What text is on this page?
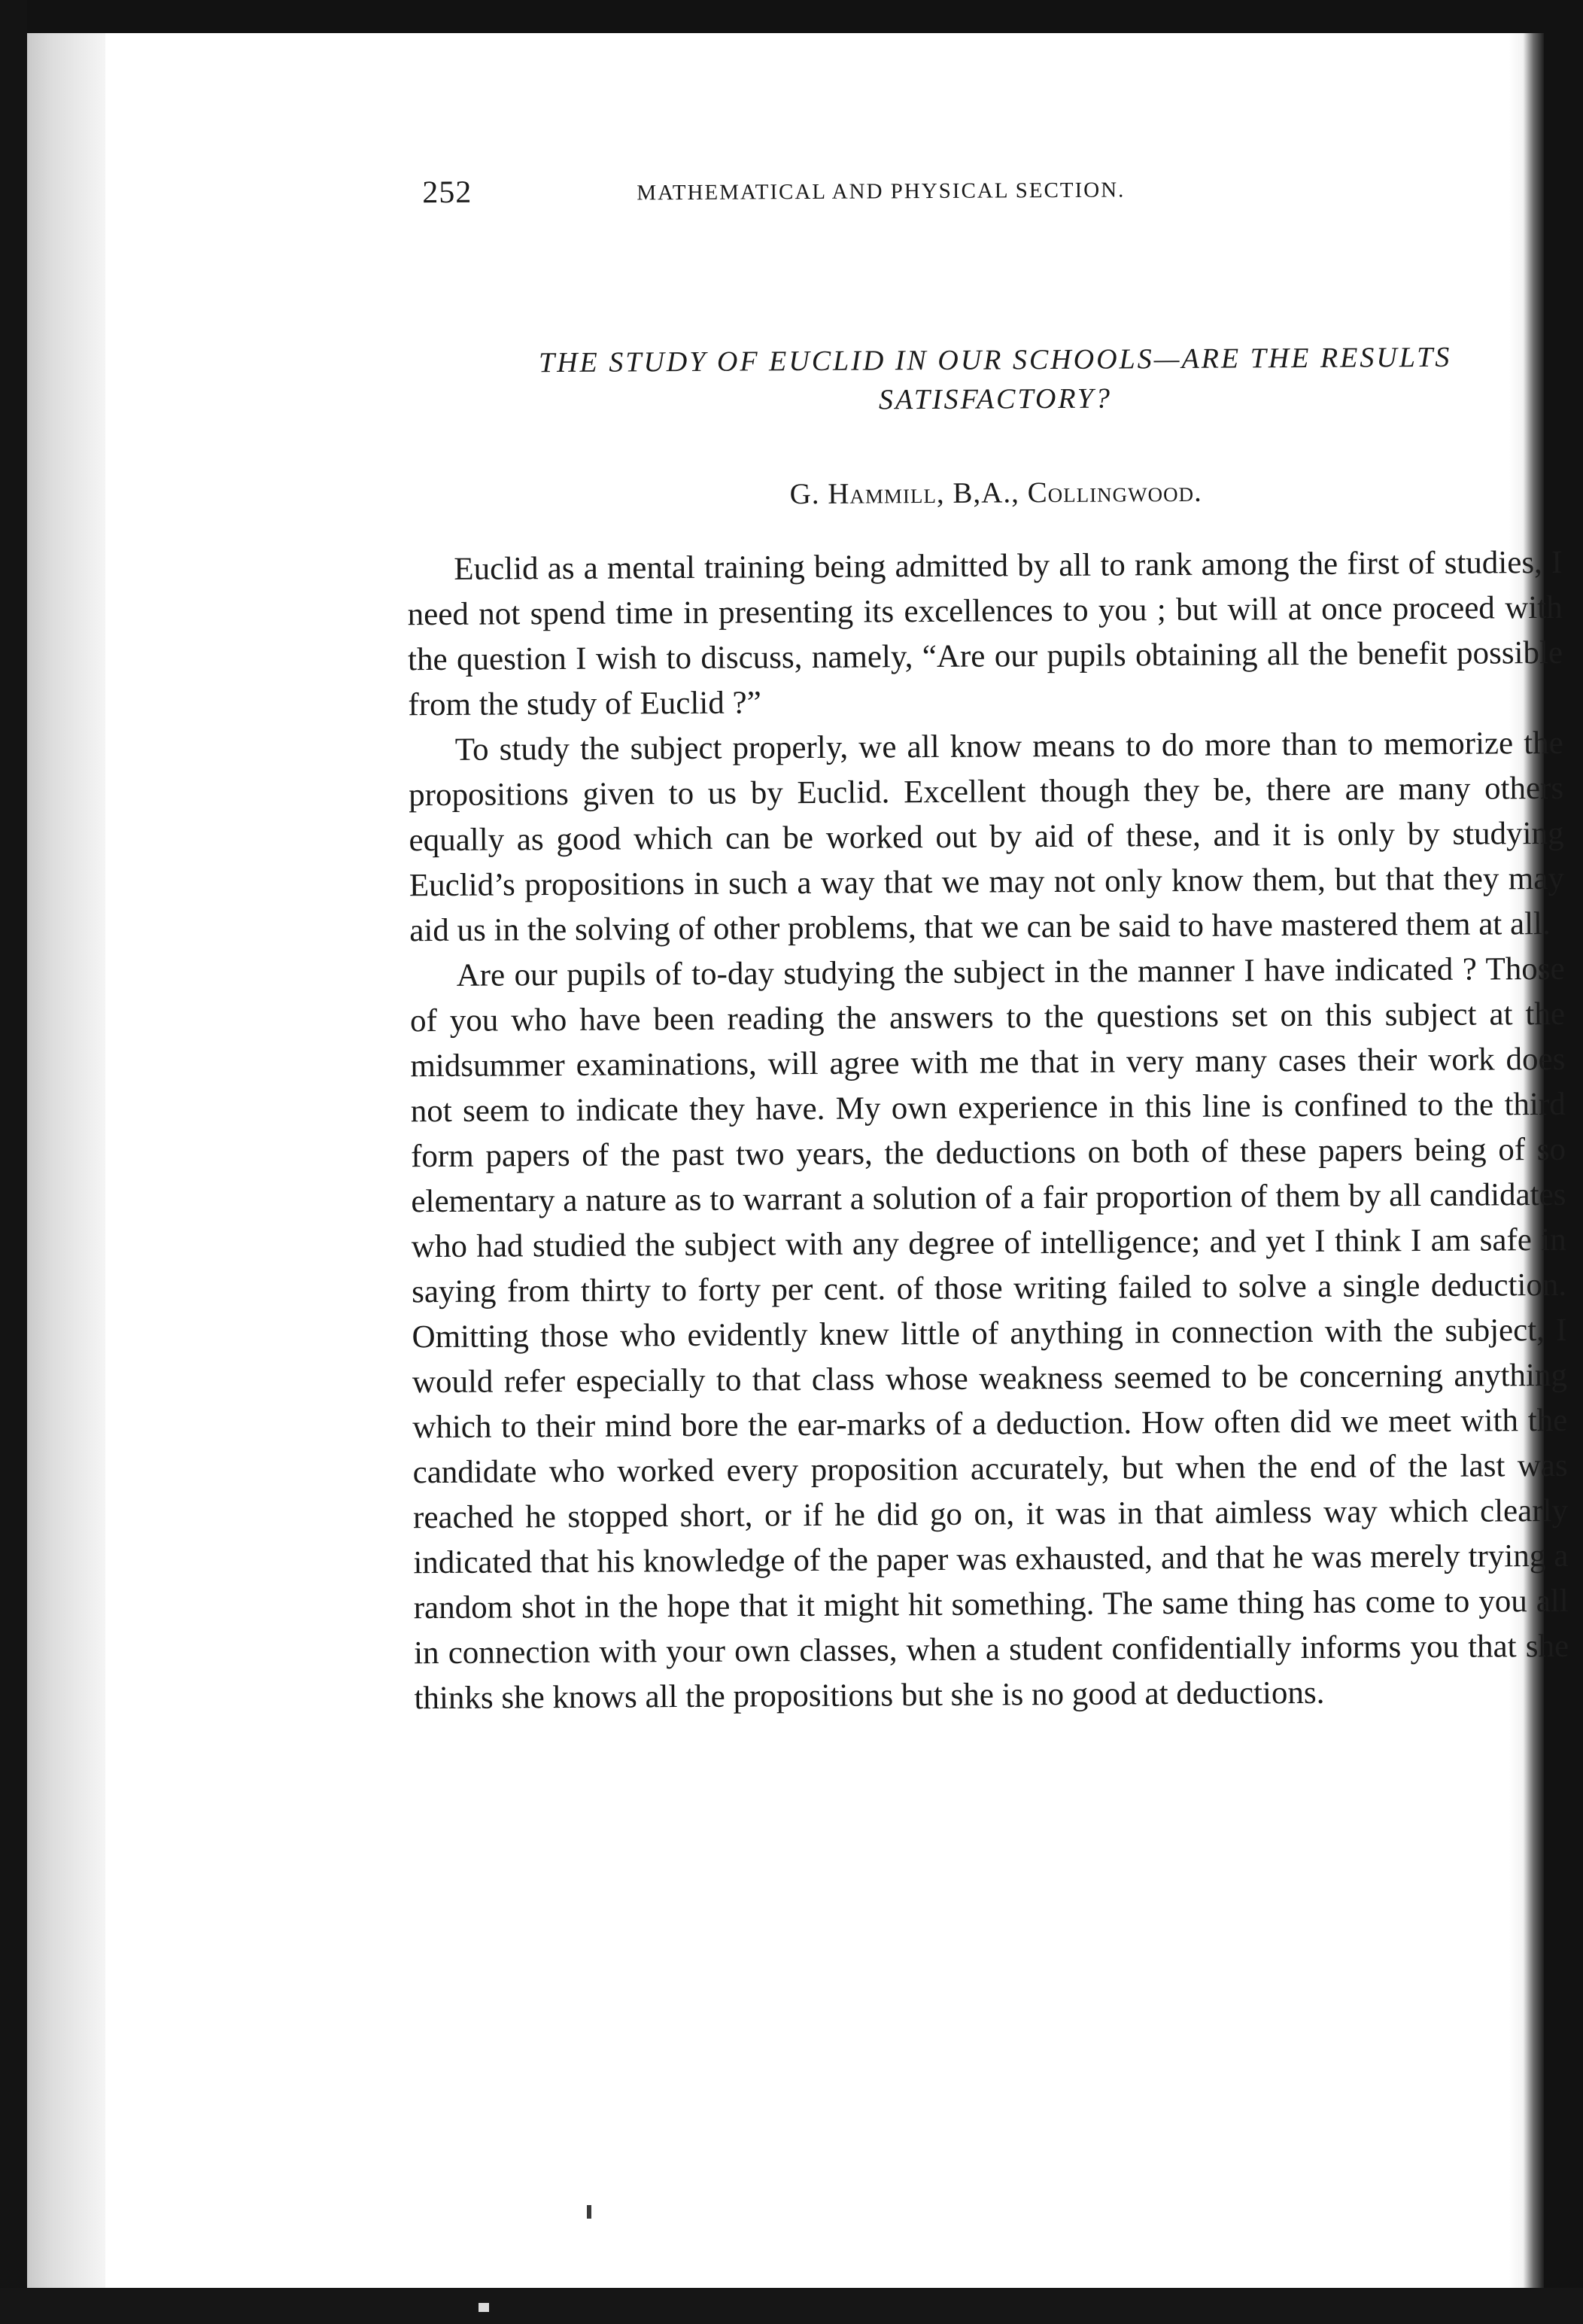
252	MATHEMATICAL AND PHYSICAL SECTION.
THE STUDY OF EUCLID IN OUR SCHOOLS—ARE THE RESULTS SATISFACTORY?
G. Hammill, B,A., Collingwood.

Euclid as a mental training being admitted by all to rank among the first of studies, I need not spend time in presenting its excellences to you ; but will at once proceed with the question I wish to discuss, namely, “Are our pupils obtaining all the benefit possible from the study of Euclid ?”

To study the subject properly, we all know means to do more than to memorize the propositions given to us by Euclid. Excellent though they be, there are many others equally as good which can be worked out by aid of these, and it is only by studying Euclid’s propositions in such a way that we may not only know them, but that they may aid us in the solving of other problems, that we can be said to have mastered them at all.

Are our pupils of to-day studying the subject in the manner I have indicated ? Those of you who have been reading the answers to the questions set on this subject at the midsummer examinations, will agree with me that in very many cases their work does not seem to indicate they have. My own experience in this line is confined to the third form papers of the past two years, the deductions on both of these papers being of so elementary a nature as to warrant a solution of a fair proportion of them by all candidates who had studied the subject with any degree of intelligence; and yet I think I am safe in saying from thirty to forty per cent. of those writing failed to solve a single deduction. Omitting those who evidently knew little of anything in connection with the subject, I would refer especially to that class whose weakness seemed to be concerning anything which to their mind bore the ear-marks of a deduction. How often did we meet with the candidate who worked every proposition accurately, but when the end of the last was reached he stopped short, or if he did go on, it was in that aimless way which clearly indicated that his knowledge of the paper was exhausted, and that he was merely trying a random shot in the hope that it might hit something. The same thing has come to you all in connection with your own classes, when a student confidentially informs you that she thinks she knows all the propositions but she is no good at deductions.
